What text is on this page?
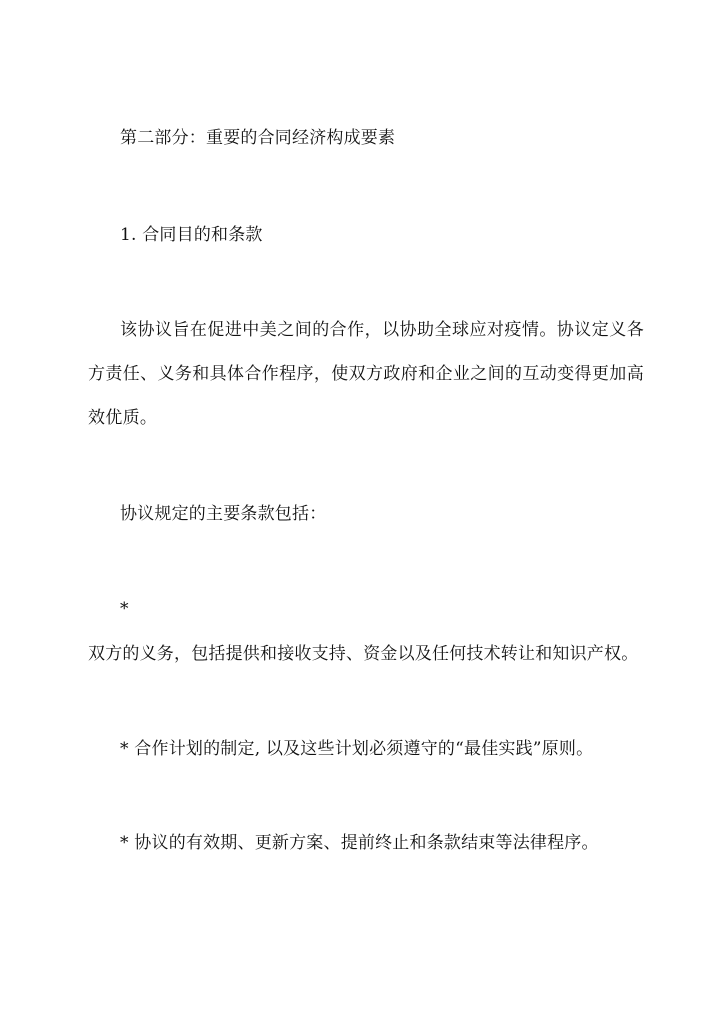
第二部分：重要的合同经济构成要素
1. 合同目的和条款
该协议旨在促进中美之间的合作，以协助全球应对疫情。协议定义各方责任、义务和具体合作程序，使双方政府和企业之间的互动变得更加高效优质。
协议规定的主要条款包括：
*
双方的义务，包括提供和接收支持、资金以及任何技术转让和知识产权。
* 合作计划的制定, 以及这些计划必须遵守的“最佳实践”原则。
* 协议的有效期、更新方案、提前终止和条款结束等法律程序。
